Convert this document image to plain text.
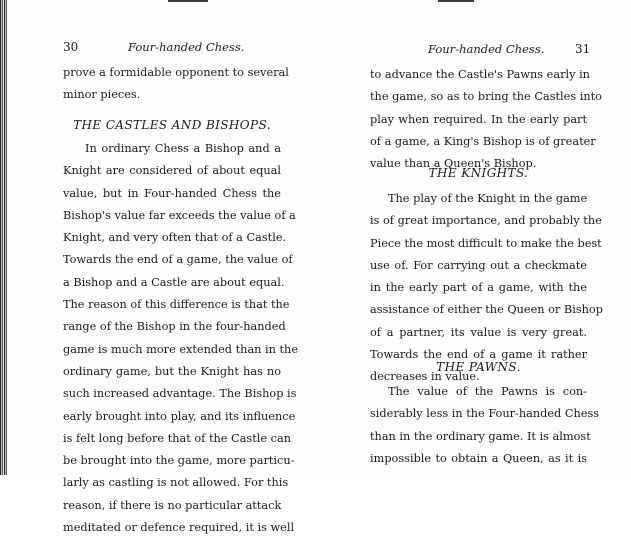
30	Four-handed Chess.
prove a formidable opponent to several
minor pieces.
THE CASTLES AND BISHOPS.
In ordinary Chess a Bishop and a
Knight are considered of about equal
value, but in Four-handed Chess the
Bishop's value far exceeds the value of a
Knight, and very often that of a Castle.
Towards the end of a game, the value of
a Bishop and a Castle are about equal.
The reason of this difference is that the
range of the Bishop in the four-handed
game is much more extended than in the
ordinary game, but the Knight has no
such increased advantage. The Bishop is
early brought into play, and its influence
is felt long before that of the Castle can
be brought into the game, more particu-
larly as castling is not allowed. For this
reason, if there is no particular attack
meditated or defence required, it is well
Four-handed Chess.	31
to advance the Castle's Pawns early in
the game, so as to bring the Castles into
play when required. In the early part
of a game, a King's Bishop is of greater
value than a Queen's Bishop.
THE KNIGHTS.
The play of the Knight in the game
is of great importance, and probably the
Piece the most difficult to make the best
use of. For carrying out a checkmate
in the early part of a game, with the
assistance of either the Queen or Bishop
of a partner, its value is very great.
Towards the end of a game it rather
decreases in value.
THE PAWNS.
The value of the Pawns is con-
siderably less in the Four-handed Chess
than in the ordinary game. It is almost
impossible to obtain a Queen, as it is
